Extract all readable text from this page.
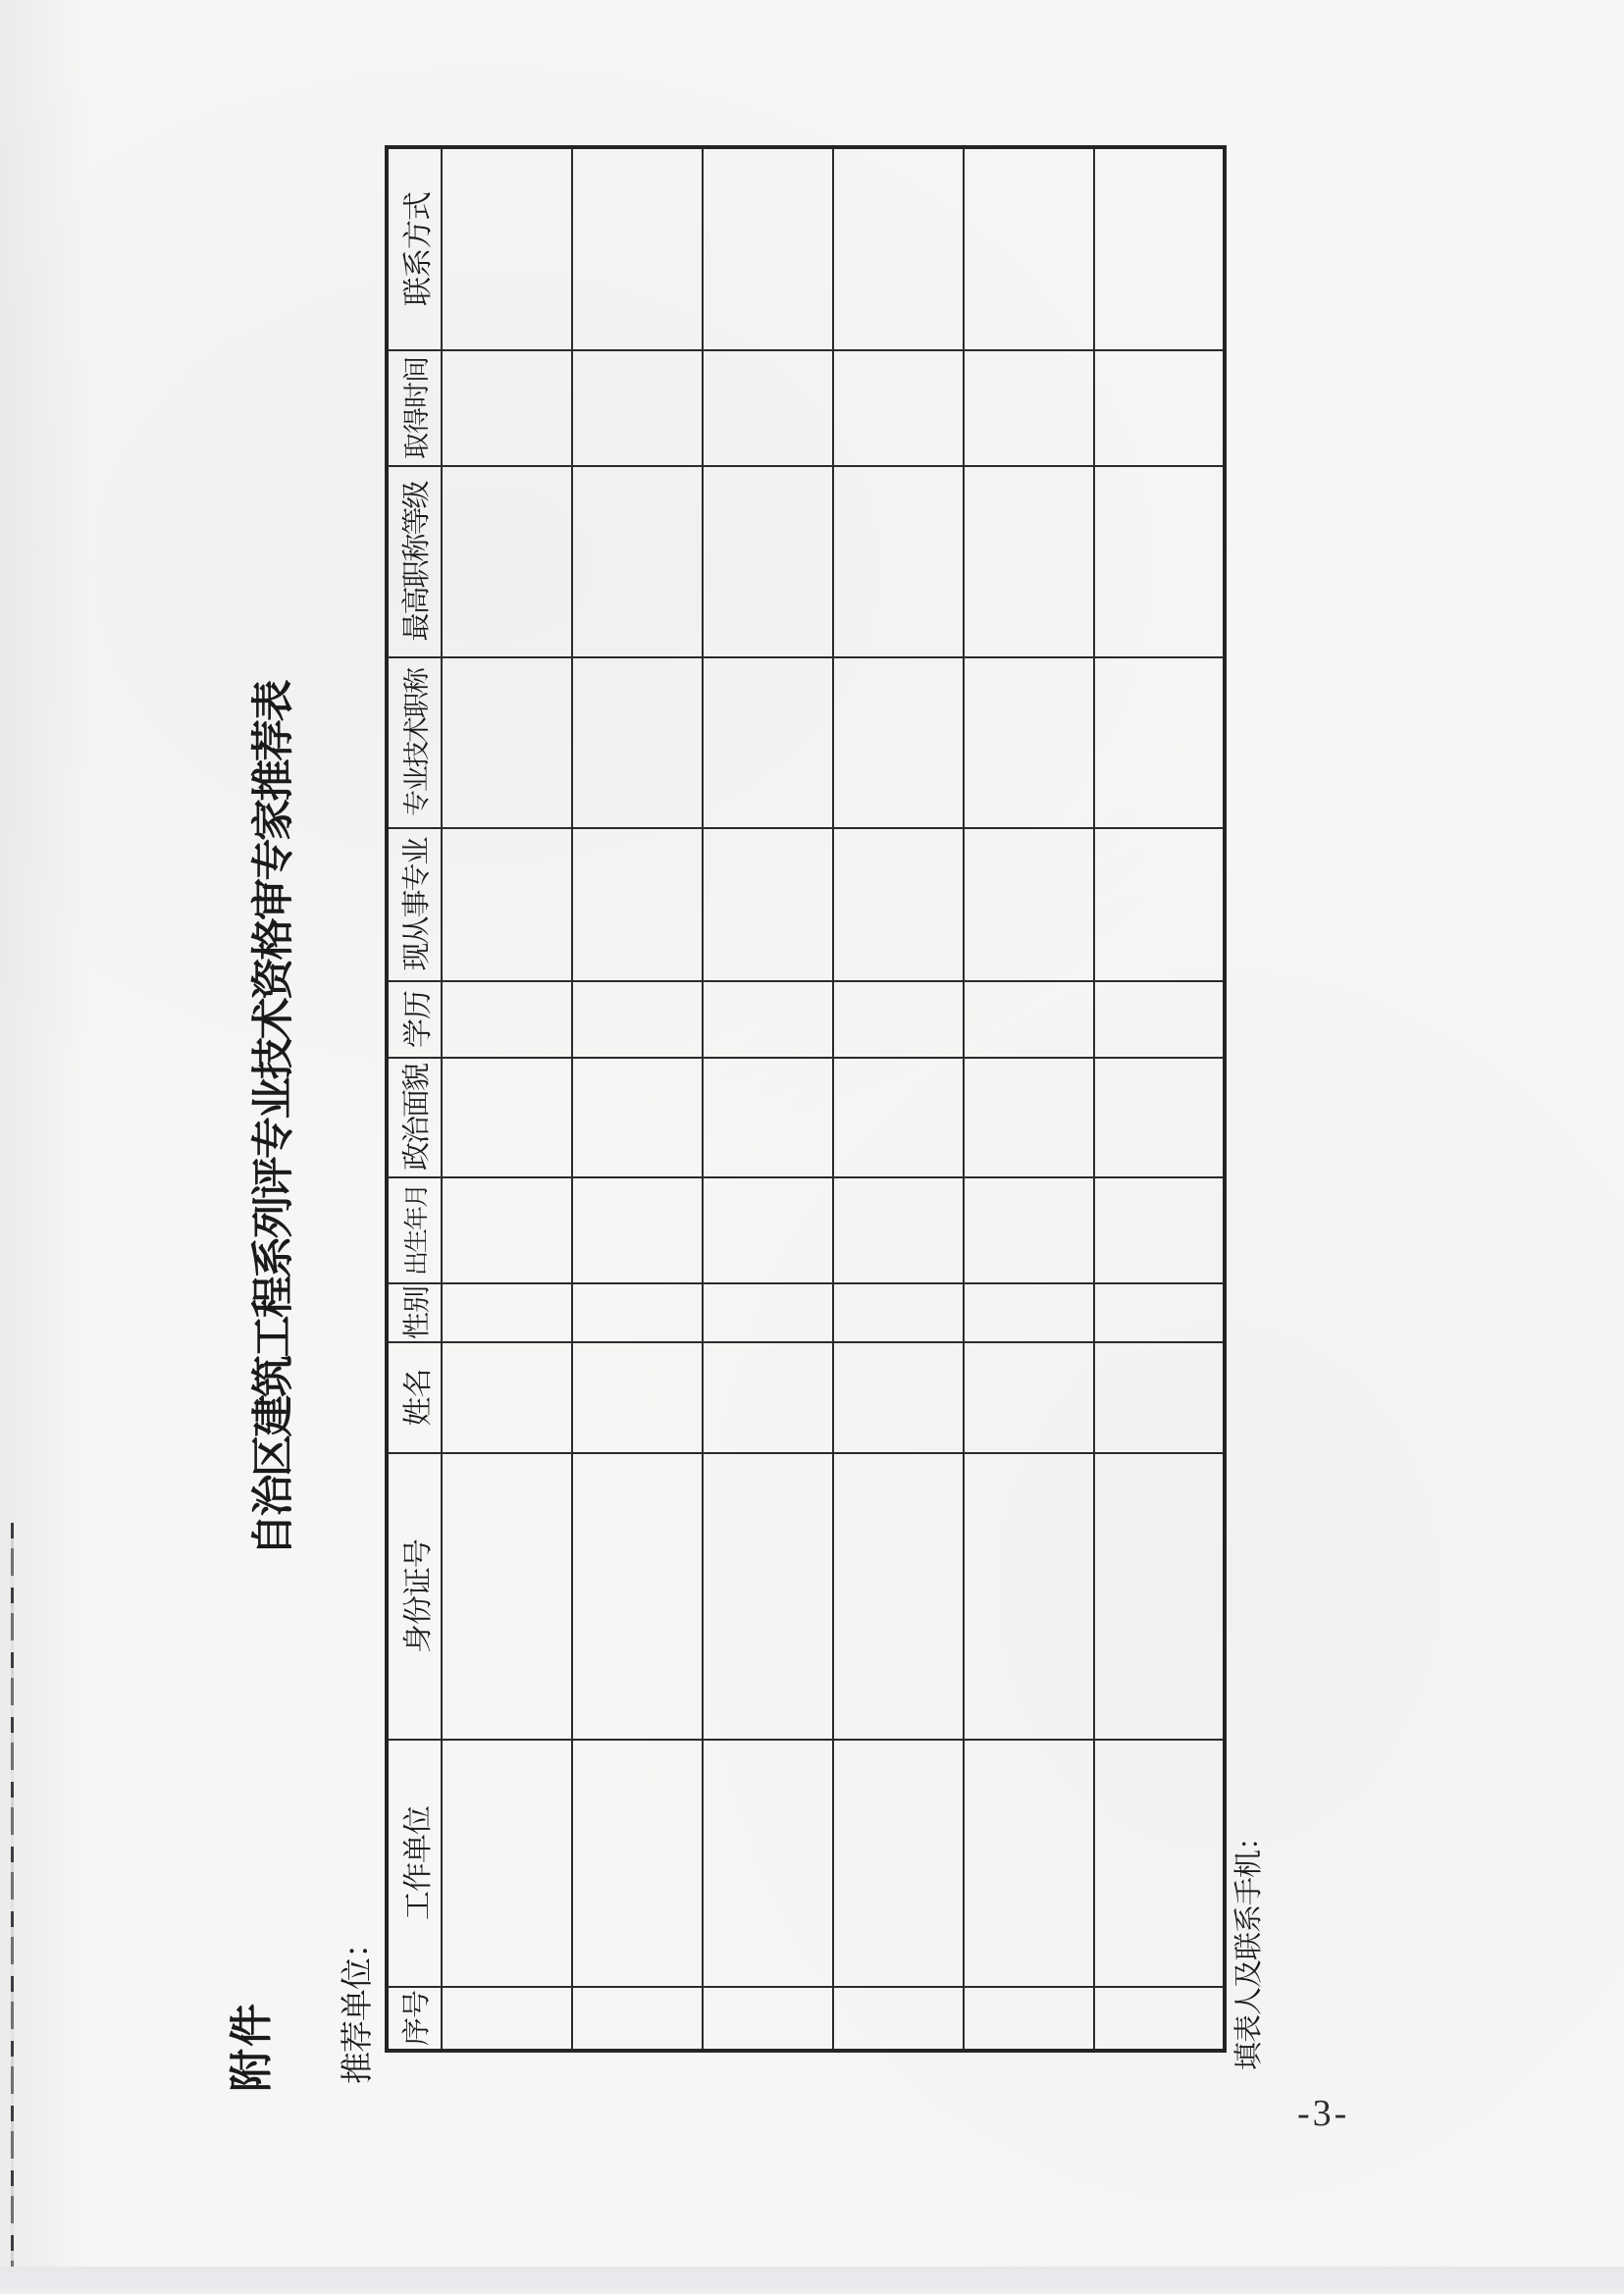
附件
自治区建筑工程系列评专业技术资格审专家推荐表
推荐单位： 序号	工作单位	身份证号	姓名	性别	出生年月	政治面貌	学历	现从事专业	专业技术职称	最高职称等级	取得时间	联系方式

填表人及联系手机：
-3-
